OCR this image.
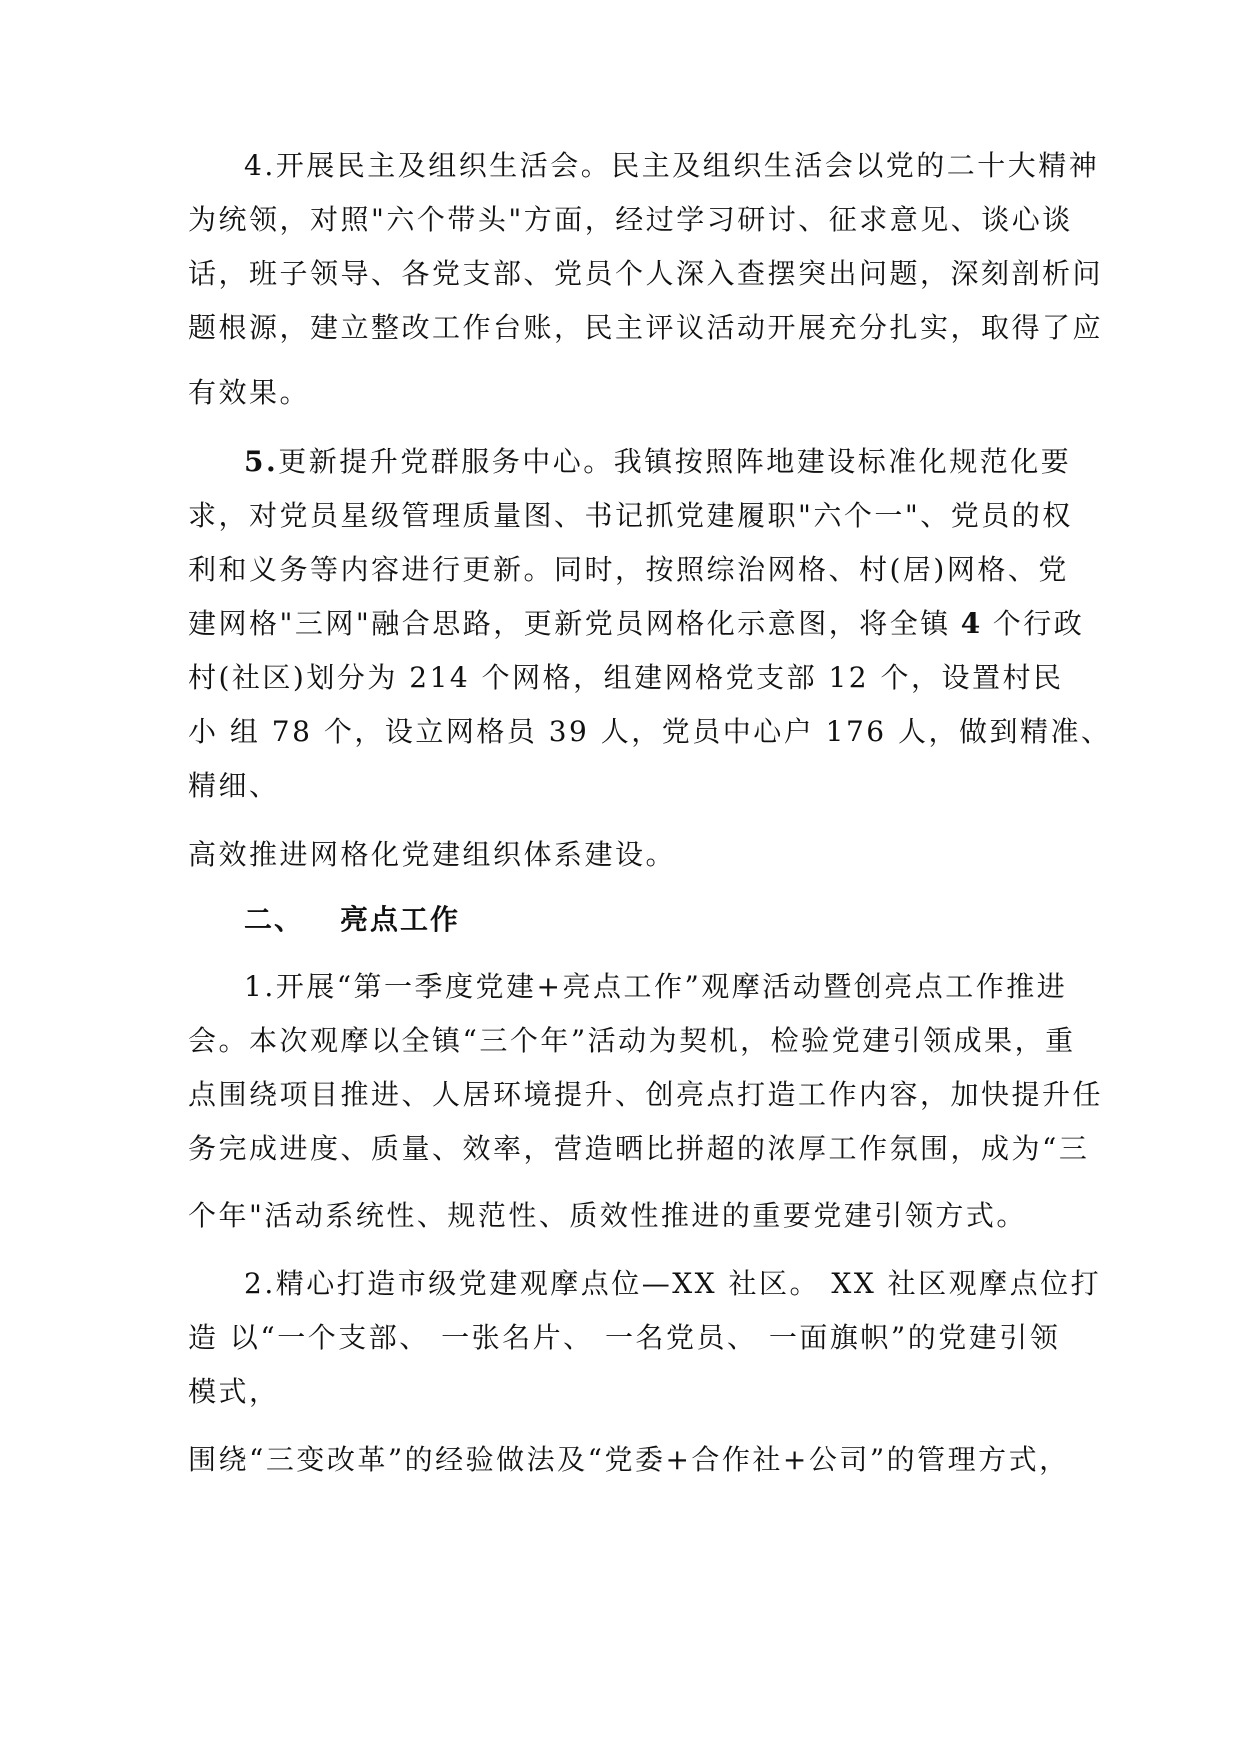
4.开展民主及组织生活会。民主及组织生活会以党的二十大精神
为统领，对照"六个带头"方面，经过学习研讨、征求意见、谈心谈
话，班子领导、各党支部、党员个人深入查摆突出问题，深刻剖析问
题根源，建立整改工作台账，民主评议活动开展充分扎实，取得了应
有效果。
5.更新提升党群服务中心。我镇按照阵地建设标准化规范化要
求，对党员星级管理质量图、书记抓党建履职"六个一"、党员的权
利和义务等内容进行更新。同时，按照综治网格、村(居)网格、党
建网格"三网"融合思路，更新党员网格化示意图，将全镇 4 个行政
村(社区)划分为 214 个网格，组建网格党支部 12 个，设置村民
小 组 78 个，设立网格员 39 人，党员中心户 176 人，做到精准、
精细、
高效推进网格化党建组织体系建设。
二、 亮点工作
1.开展“第一季度党建+亮点工作”观摩活动暨创亮点工作推进
会。本次观摩以全镇“三个年”活动为契机，检验党建引领成果，重
点围绕项目推进、人居环境提升、创亮点打造工作内容，加快提升任
务完成进度、质量、效率，营造晒比拼超的浓厚工作氛围，成为“三
个年"活动系统性、规范性、质效性推进的重要党建引领方式。
2.精心打造市级党建观摩点位—XX 社区。 XX 社区观摩点位打
造 以“一个支部、 一张名片、 一名党员、 一面旗帜”的党建引领
模式，
围绕“三变改革”的经验做法及“党委+合作社+公司”的管理方式，
